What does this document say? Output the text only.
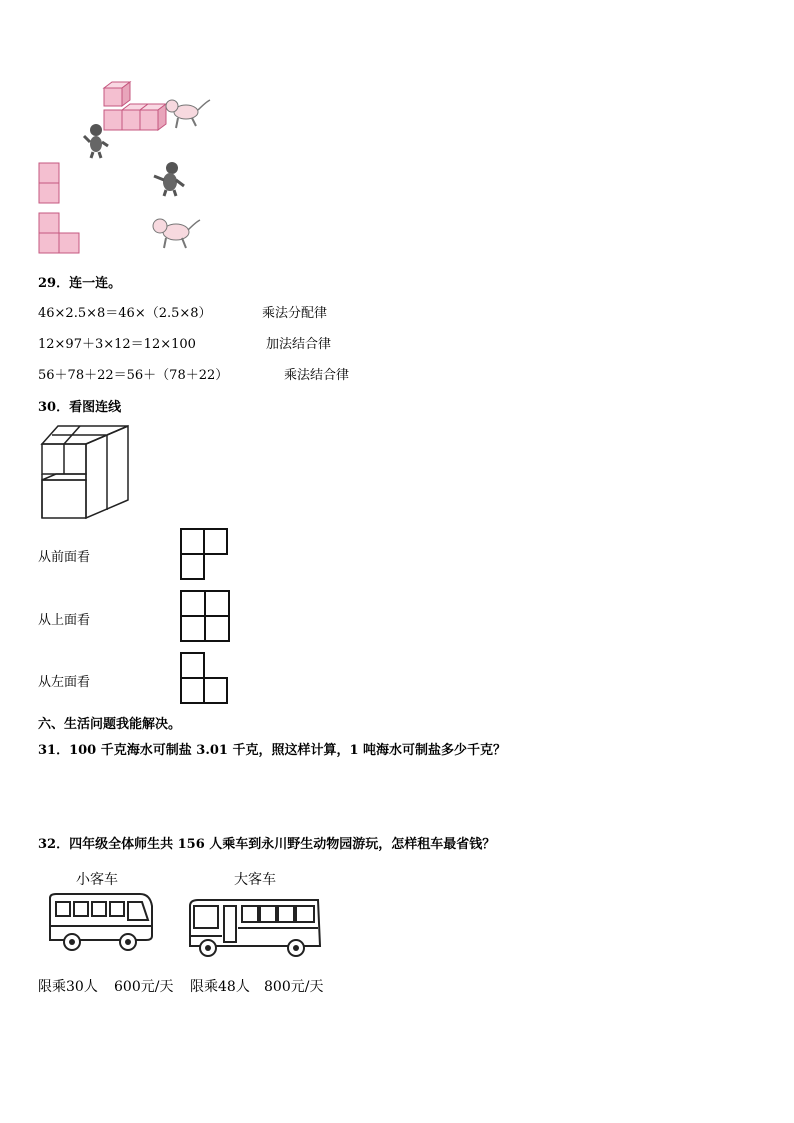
29．连一连。
46×2.5×8＝46×（2.5×8）	乘法分配律
12×97＋3×12＝12×100	加法结合律
56＋78＋22＝56＋（78＋22）	乘法结合律
30．看图连线
从前面看
从上面看
从左面看
六、生活问题我能解决。
31．100 千克海水可制盐 3.01 千克，照这样计算，1 吨海水可制盐多少千克？
32．四年级全体师生共 156 人乘车到永川野生动物园游玩，怎样租车最省钱？
小客车	大客车
限乘30人 600元/天 限乘48人 800元/天
